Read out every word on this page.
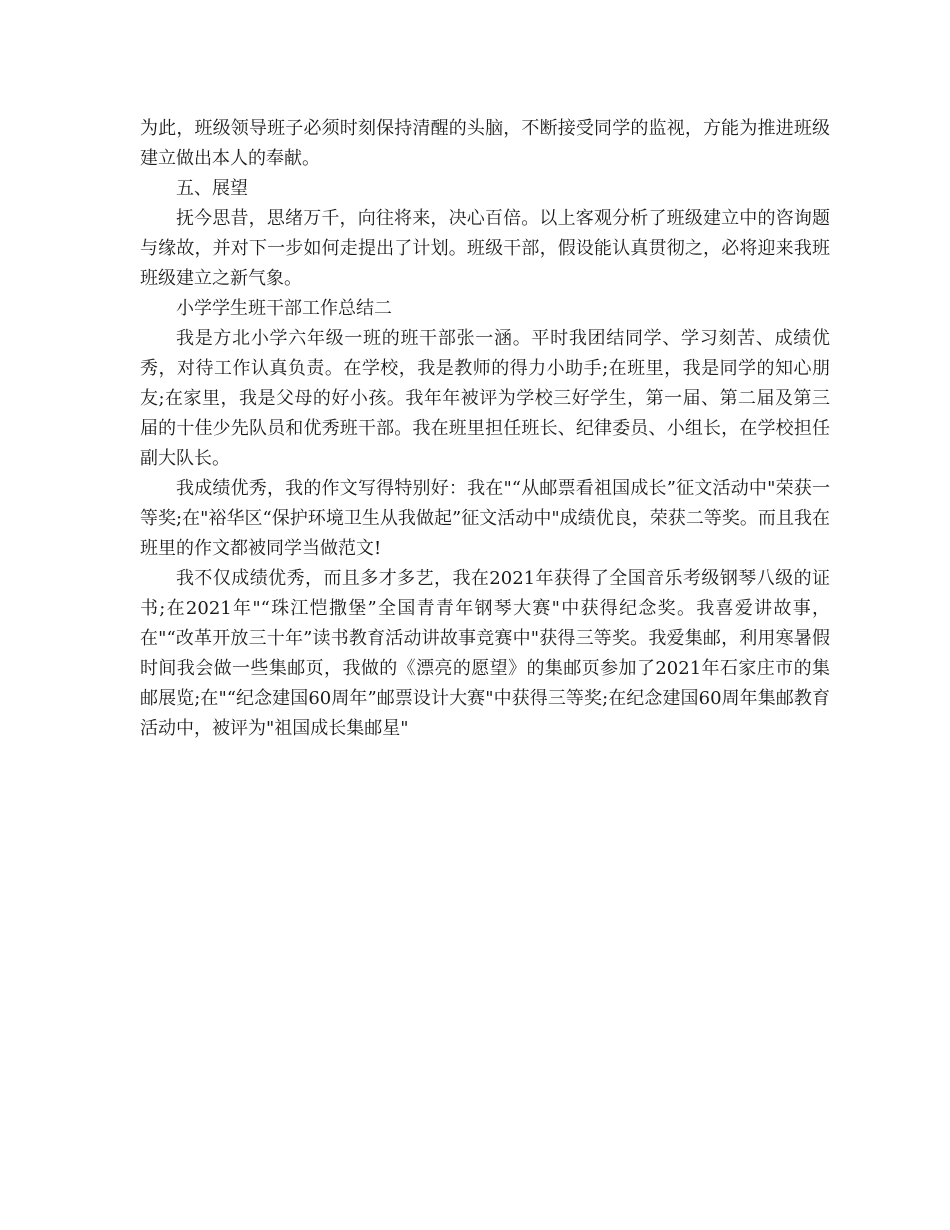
为此，班级领导班子必须时刻保持清醒的头脑，不断接受同学的监视，方能为推进班级建立做出本人的奉献。

五、展望

抚今思昔，思绪万千，向往将来，决心百倍。以上客观分析了班级建立中的咨询题与缘故，并对下一步如何走提出了计划。班级干部，假设能认真贯彻之，必将迎来我班班级建立之新气象。

小学学生班干部工作总结二

我是方北小学六年级一班的班干部张一涵。平时我团结同学、学习刻苦、成绩优秀，对待工作认真负责。在学校，我是教师的得力小助手;在班里，我是同学的知心朋友;在家里，我是父母的好小孩。我年年被评为学校三好学生，第一届、第二届及第三届的十佳少先队员和优秀班干部。我在班里担任班长、纪律委员、小组长，在学校担任副大队长。

我成绩优秀，我的作文写得特别好：我在"“从邮票看祖国成长”征文活动中"荣获一等奖;在"裕华区“保护环境卫生从我做起”征文活动中"成绩优良，荣获二等奖。而且我在班里的作文都被同学当做范文!

我不仅成绩优秀，而且多才多艺，我在2021年获得了全国音乐考级钢琴八级的证书;在2021年"“珠江恺撒堡”全国青青年钢琴大赛"中获得纪念奖。我喜爱讲故事，在"“改革开放三十年”读书教育活动讲故事竞赛中"获得三等奖。我爱集邮，利用寒暑假时间我会做一些集邮页，我做的《漂亮的愿望》的集邮页参加了2021年石家庄市的集邮展览;在"“纪念建国60周年”邮票设计大赛"中获得三等奖;在纪念建国60周年集邮教育活动中，被评为"祖国成长集邮星"
